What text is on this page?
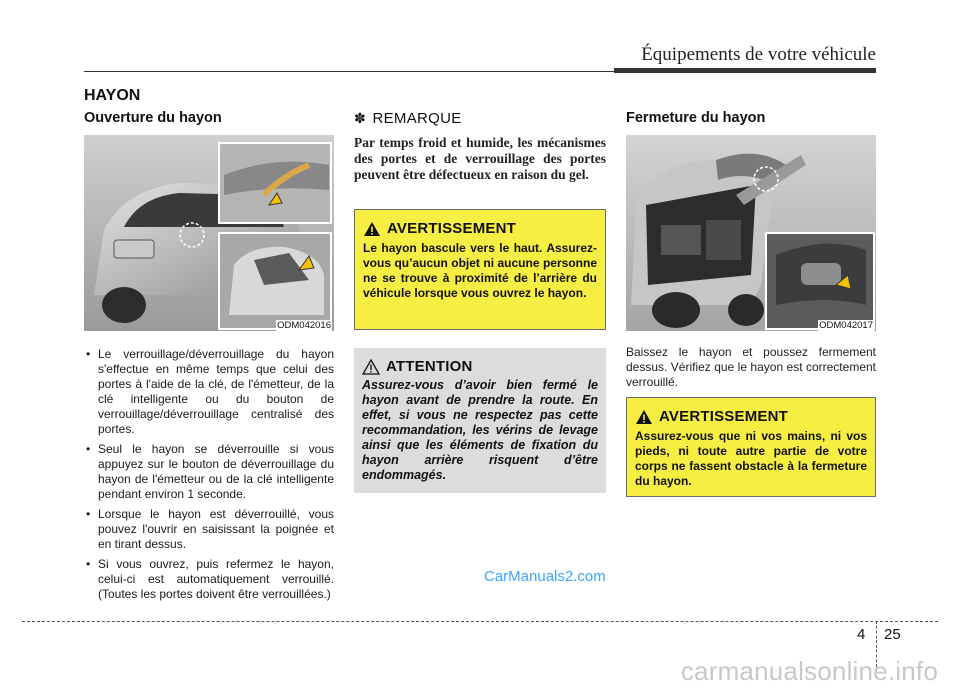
Équipements de votre véhicule
HAYON
Ouverture du hayon
ODM042016
• Le verrouillage/déverrouillage du hayon s'effectue en même temps que celui des portes à l'aide de la clé, de l'émetteur, de la clé intelligente ou du bouton de verrouillage/déverrouillage centralisé des portes.
• Seul le hayon se déverrouille si vous appuyez sur le bouton de déverrouillage du hayon de l'émetteur ou de la clé intelligente pendant environ 1 seconde.
• Lorsque le hayon est déverrouillé, vous pouvez l'ouvrir en saisissant la poignée et en tirant dessus.
• Si vous ouvrez, puis refermez le hayon, celui-ci est automatiquement verrouillé. (Toutes les portes doivent être verrouillées.)
✽ REMARQUE
Par temps froid et humide, les mécanismes des portes et de verrouillage des portes peuvent être défectueux en raison du gel.
AVERTISSEMENT
Le hayon bascule vers le haut. Assurez-vous qu’aucun objet ni aucune personne ne se trouve à proximité de l’arrière du véhicule lorsque vous ouvrez le hayon.
ATTENTION
Assurez-vous d’avoir bien fermé le hayon avant de prendre la route. En effet, si vous ne respectez pas cette recommandation, les vérins de levage ainsi que les éléments de fixation du hayon arrière risquent d’être endommagés.
Fermeture du hayon
ODM042017
Baissez le hayon et poussez fermement dessus. Vérifiez que le hayon est correctement verrouillé.
AVERTISSEMENT
Assurez-vous que ni vos mains, ni vos pieds, ni toute autre partie de votre corps ne fassent obstacle à la fermeture du hayon.
CarManuals2.com
4 25
carmanualsonline.info
